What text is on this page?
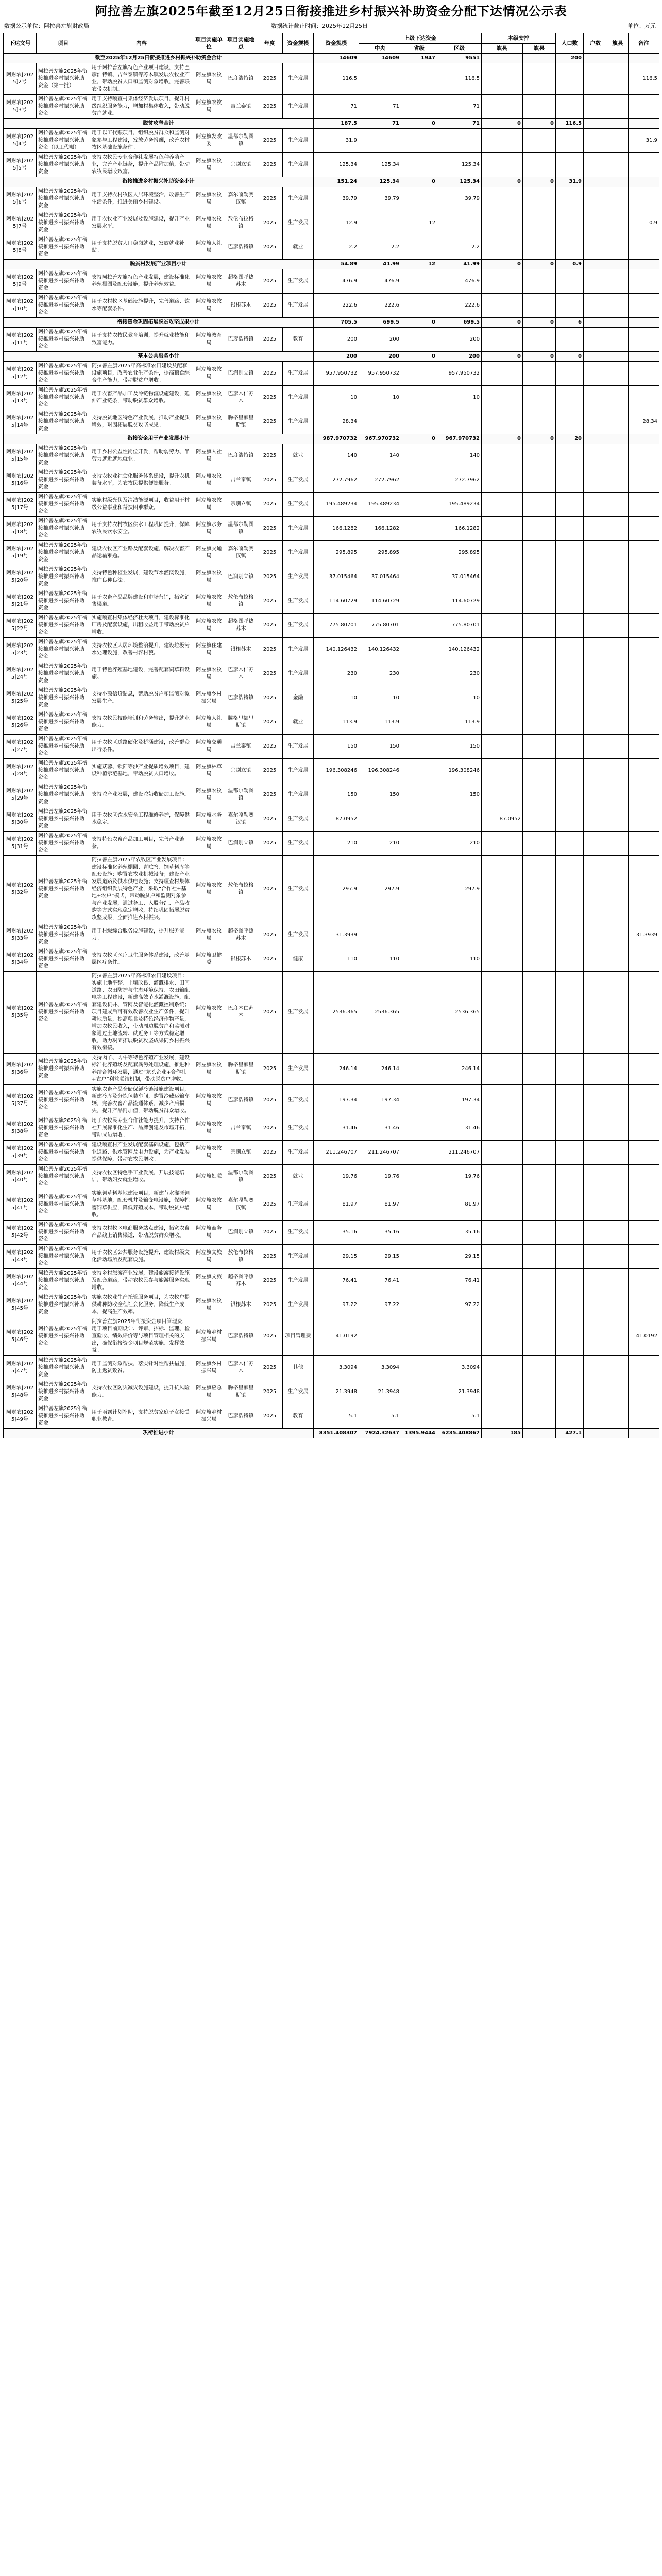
阿拉善左旗2025年截至12月25日衔接推进乡村振兴补助资金分配下达情况公示表
数据公示单位：阿拉善左旗财政局	数据统计截止时间：2025年12月25日	单位：万元
下达文号	项目	内容	项目实施单位	项目实施地点	年度	资金规模	资金规模	上级下达资金			本级安排		人口数	户数	旗县	备注
								中央	省级	区级	旗县	旗县				
截至2025年12月25日衔接推进乡村振兴补助资金合计							14609	14609	1947	9551			200			
阿财农[2025]2号	阿拉善左旗2025年衔接推进乡村振兴补助资金（第一批）	用于阿拉善左旗特色产业项目建设，支持巴彦浩特镇、吉兰泰镇等苏木镇发展农牧业产业，带动脱贫人口和监测对象增收，完善联农带农机制。	阿左旗农牧局	巴彦浩特镇	2025	生产发展	116.5			116.5						116.5
阿财农[2025]3号	阿拉善左旗2025年衔接推进乡村振兴补助资金	用于支持嘎查村集体经济发展项目，提升村级组织服务能力，增加村集体收入，带动脱贫户就业。	阿左旗农牧局	吉兰泰镇	2025	生产发展	71	71		71						
脱贫攻坚合计							187.5	71	0	71	0	0	116.5			
阿财农[2025]4号	阿拉善左旗2025年衔接推进乡村振兴补助资金（以工代赈）	用于以工代赈项目，组织脱贫群众和监测对象参与工程建设，发放劳务报酬，改善农村牧区基础设施条件。	阿左旗发改委	温都尔勒图镇	2025	生产发展	31.9									31.9
阿财农[2025]5号	阿拉善左旗2025年衔接推进乡村振兴补助资金	支持农牧民专业合作社发展特色种养殖产业，完善产业链条，提升产品附加值，带动农牧民增收致富。	阿左旗农牧局	宗别立镇	2025	生产发展	125.34	125.34		125.34						
衔接推进乡村振兴补助资金小计							151.24	125.34	0	125.34	0	0	31.9			
阿财农[2025]6号	阿拉善左旗2025年衔接推进乡村振兴补助资金	用于支持农村牧区人居环境整治，改善生产生活条件，推进美丽乡村建设。	阿左旗农牧局	嘉尔嘎勒赛汉镇	2025	生产发展	39.79	39.79		39.79						
阿财农[2025]7号	阿拉善左旗2025年衔接推进乡村振兴补助资金	用于农牧业产业发展及设施建设，提升产业发展水平。	阿左旗农牧局	敖伦布拉格镇	2025	生产发展	12.9		12							0.9
阿财农[2025]8号	阿拉善左旗2025年衔接推进乡村振兴补助资金	用于支持脱贫人口稳岗就业，发放就业补贴。	阿左旗人社局	巴彦浩特镇	2025	就业	2.2	2.2		2.2						
脱贫村发展产业项目小计							54.89	41.99	12	41.99	0	0	0.9			
阿财农[2025]9号	阿拉善左旗2025年衔接推进乡村振兴补助资金	支持阿拉善左旗特色产业发展，建设标准化养殖棚圈及配套设施，提升养殖效益。	阿左旗农牧局	超格图呼热苏木	2025	生产发展	476.9	476.9		476.9						
阿财农[2025]10号	阿拉善左旗2025年衔接推进乡村振兴补助资金	用于农村牧区基础设施提升，完善道路、饮水等配套条件。	阿左旗农牧局	银根苏木	2025	生产发展	222.6	222.6		222.6						
衔接资金巩固拓展脱贫攻坚成果小计							705.5	699.5	0	699.5	0	0	6			
阿财农[2025]11号	阿拉善左旗2025年衔接推进乡村振兴补助资金	用于支持农牧民教育培训，提升就业技能和致富能力。	阿左旗教育局	巴彦浩特镇	2025	教育	200	200		200						
基本公共服务小计							200	200	0	200	0	0	0			
阿财农[2025]12号	阿拉善左旗2025年衔接推进乡村振兴补助资金	阿拉善左旗2025年高标准农田建设及配套设施项目，改善农业生产条件，提高粮食综合生产能力，带动脱贫户增收。	阿左旗农牧局	巴润别立镇	2025	生产发展	957.950732	957.950732		957.950732						
阿财农[2025]13号	阿拉善左旗2025年衔接推进乡村振兴补助资金	用于农畜产品加工及冷链物流设施建设，延伸产业链条，带动脱贫群众增收。	阿左旗农牧局	巴彦木仁苏木	2025	生产发展	10	10		10						
阿财农[2025]14号	阿拉善左旗2025年衔接推进乡村振兴补助资金	支持脱贫地区特色产业发展，推动产业提质增效，巩固拓展脱贫攻坚成果。	阿左旗农牧局	腾格里额里斯镇	2025	生产发展	28.34									28.34
衔接资金用于产业发展小计							987.970732	967.970732	0	967.970732	0	0	20			
阿财农[2025]15号	阿拉善左旗2025年衔接推进乡村振兴补助资金	用于乡村公益性岗位开发，帮助弱劳力、半劳力就近就地就业。	阿左旗人社局	巴彦浩特镇	2025	就业	140	140		140						
阿财农[2025]16号	阿拉善左旗2025年衔接推进乡村振兴补助资金	支持农牧业社会化服务体系建设，提升农机装备水平，为农牧民提供便捷服务。	阿左旗农牧局	吉兰泰镇	2025	生产发展	272.7962	272.7962		272.7962						
阿财农[2025]17号	阿拉善左旗2025年衔接推进乡村振兴补助资金	实施村级光伏及清洁能源项目，收益用于村级公益事业和帮扶困难群众。	阿左旗农牧局	宗别立镇	2025	生产发展	195.489234	195.489234		195.489234						
阿财农[2025]18号	阿拉善左旗2025年衔接推进乡村振兴补助资金	用于支持农村牧区供水工程巩固提升，保障农牧民饮水安全。	阿左旗水务局	温都尔勒图镇	2025	生产发展	166.1282	166.1282		166.1282						
阿财农[2025]19号	阿拉善左旗2025年衔接推进乡村振兴补助资金	建设农牧区产业路及配套设施，解决农畜产品运输难题。	阿左旗交通局	嘉尔嘎勒赛汉镇	2025	生产发展	295.895	295.895		295.895						
阿财农[2025]20号	阿拉善左旗2025年衔接推进乡村振兴补助资金	支持特色种植业发展，建设节水灌溉设施，推广良种良法。	阿左旗农牧局	巴润别立镇	2025	生产发展	37.015464	37.015464		37.015464						
阿财农[2025]21号	阿拉善左旗2025年衔接推进乡村振兴补助资金	用于农畜产品品牌建设和市场营销，拓宽销售渠道。	阿左旗农牧局	敖伦布拉格镇	2025	生产发展	114.60729	114.60729		114.60729						
阿财农[2025]22号	阿拉善左旗2025年衔接推进乡村振兴补助资金	实施嘎查村集体经济壮大项目，建设标准化厂房及配套设施，出租收益用于带动脱贫户增收。	阿左旗农牧局	超格图呼热苏木	2025	生产发展	775.80701	775.80701		775.80701						
阿财农[2025]23号	阿拉善左旗2025年衔接推进乡村振兴补助资金	支持农牧区人居环境整治提升，建设垃圾污水处理设施，改善村容村貌。	阿左旗住建局	银根苏木	2025	生产发展	140.126432	140.126432		140.126432						
阿财农[2025]24号	阿拉善左旗2025年衔接推进乡村振兴补助资金	用于特色养殖基地建设，完善配套饲草料设施。	阿左旗农牧局	巴彦木仁苏木	2025	生产发展	230	230		230						
阿财农[2025]25号	阿拉善左旗2025年衔接推进乡村振兴补助资金	支持小额信贷贴息，帮助脱贫户和监测对象发展生产。	阿左旗乡村振兴局	巴彦浩特镇	2025	金融	10	10		10						
阿财农[2025]26号	阿拉善左旗2025年衔接推进乡村振兴补助资金	支持农牧民技能培训和劳务输出，提升就业能力。	阿左旗人社局	腾格里额里斯镇	2025	就业	113.9	113.9		113.9						
阿财农[2025]27号	阿拉善左旗2025年衔接推进乡村振兴补助资金	用于农牧区道路硬化及桥涵建设，改善群众出行条件。	阿左旗交通局	吉兰泰镇	2025	生产发展	150	150		150						
阿财农[2025]28号	阿拉善左旗2025年衔接推进乡村振兴补助资金	实施苁蓉、锁阳等沙产业提质增效项目，建设种植示范基地，带动脱贫人口增收。	阿左旗林草局	宗别立镇	2025	生产发展	196.308246	196.308246		196.308246						
阿财农[2025]29号	阿拉善左旗2025年衔接推进乡村振兴补助资金	支持驼产业发展，建设驼奶收储加工设施。	阿左旗农牧局	温都尔勒图镇	2025	生产发展	150	150		150						
阿财农[2025]30号	阿拉善左旗2025年衔接推进乡村振兴补助资金	用于农牧区饮水安全工程维修养护，保障供水稳定。	阿左旗水务局	嘉尔嘎勒赛汉镇	2025	生产发展	87.0952				87.0952					
阿财农[2025]31号	阿拉善左旗2025年衔接推进乡村振兴补助资金	支持特色农畜产品加工项目，完善产业链条。	阿左旗农牧局	巴润别立镇	2025	生产发展	210	210		210						
阿财农[2025]32号	阿拉善左旗2025年衔接推进乡村振兴补助资金	阿拉善左旗2025年农牧区产业发展项目：建设标准化养殖棚圈、青贮窖、饲草料库等配套设施；购置农牧业机械设备；建设产业发展道路及供水供电设施；支持嘎查村集体经济组织发展特色产业，采取“合作社+基地+农户”模式，带动脱贫户和监测对象参与产业发展，通过务工、入股分红、产品收购等方式实现稳定增收，持续巩固拓展脱贫攻坚成果，全面推进乡村振兴。	阿左旗农牧局	敖伦布拉格镇	2025	生产发展	297.9	297.9		297.9						
阿财农[2025]33号	阿拉善左旗2025年衔接推进乡村振兴补助资金	用于村级综合服务设施建设，提升服务能力。	阿左旗农牧局	超格图呼热苏木	2025	生产发展	31.3939									31.3939
阿财农[2025]34号	阿拉善左旗2025年衔接推进乡村振兴补助资金	支持农牧区医疗卫生服务体系建设，改善基层医疗条件。	阿左旗卫健委	银根苏木	2025	健康	110	110		110						
阿财农[2025]35号	阿拉善左旗2025年衔接推进乡村振兴补助资金	阿拉善左旗2025年高标准农田建设项目：实施土地平整、土壤改良、灌溉排水、田间道路、农田防护与生态环境保持、农田输配电等工程建设，新建高效节水灌溉设施，配套建设机井、管网及智能化灌溉控制系统；项目建成后可有效改善农业生产条件，提升耕地质量，提高粮食及特色经济作物产量，增加农牧民收入，带动周边脱贫户和监测对象通过土地流转、就近务工等方式稳定增收，助力巩固拓展脱贫攻坚成果同乡村振兴有效衔接。	阿左旗农牧局	巴彦木仁苏木	2025	生产发展	2536.365	2536.365		2536.365						
阿财农[2025]36号	阿拉善左旗2025年衔接推进乡村振兴补助资金	支持肉羊、肉牛等特色养殖产业发展，建设标准化养殖场及配套粪污处理设施，推进种养结合循环发展，通过“龙头企业+合作社+农户”利益联结机制，带动脱贫户增收。	阿左旗农牧局	腾格里额里斯镇	2025	生产发展	246.14	246.14		246.14						
阿财农[2025]37号	阿拉善左旗2025年衔接推进乡村振兴补助资金	实施农畜产品仓储保鲜冷链设施建设项目，新建冷库及分拣包装车间，购置冷藏运输车辆，完善农畜产品流通体系，减少产后损失，提升产品附加值，带动脱贫群众增收。	阿左旗农牧局	巴彦浩特镇	2025	生产发展	197.34	197.34		197.34						
阿财农[2025]38号	阿拉善左旗2025年衔接推进乡村振兴补助资金	用于农牧民专业合作社能力提升，支持合作社开展标准化生产、品牌创建及市场开拓，带动成员增收。	阿左旗农牧局	吉兰泰镇	2025	生产发展	31.46	31.46		31.46						
阿财农[2025]39号	阿拉善左旗2025年衔接推进乡村振兴补助资金	建设嘎查村产业发展配套基础设施，包括产业道路、供水管网及电力设施，为产业发展提供保障，带动农牧民增收。	阿左旗农牧局	宗别立镇	2025	生产发展	211.246707	211.246707		211.246707						
阿财农[2025]40号	阿拉善左旗2025年衔接推进乡村振兴补助资金	支持农牧区特色手工业发展，开展技能培训，带动妇女就业增收。	阿左旗妇联	温都尔勒图镇	2025	就业	19.76	19.76		19.76						
阿财农[2025]41号	阿拉善左旗2025年衔接推进乡村振兴补助资金	实施饲草料基地建设项目，新建节水灌溉饲草料基地，配套机井及输变电设施，保障牲畜饲草供应，降低养殖成本，带动脱贫户增收。	阿左旗农牧局	嘉尔嘎勒赛汉镇	2025	生产发展	81.97	81.97		81.97						
阿财农[2025]42号	阿拉善左旗2025年衔接推进乡村振兴补助资金	支持农村牧区电商服务站点建设，拓宽农畜产品线上销售渠道，带动脱贫群众增收。	阿左旗商务局	巴润别立镇	2025	生产发展	35.16	35.16		35.16						
阿财农[2025]43号	阿拉善左旗2025年衔接推进乡村振兴补助资金	用于农牧区公共服务设施提升，建设村级文化活动场所及配套设施。	阿左旗文旅局	敖伦布拉格镇	2025	生产发展	29.15	29.15		29.15						
阿财农[2025]44号	阿拉善左旗2025年衔接推进乡村振兴补助资金	支持乡村旅游产业发展，建设旅游接待设施及配套道路，带动农牧民参与旅游服务实现增收。	阿左旗文旅局	超格图呼热苏木	2025	生产发展	76.41	76.41		76.41						
阿财农[2025]45号	阿拉善左旗2025年衔接推进乡村振兴补助资金	实施农牧业生产托管服务项目，为农牧户提供耕种防收全程社会化服务，降低生产成本，提高生产效率。	阿左旗农牧局	银根苏木	2025	生产发展	97.22	97.22		97.22						
阿财农[2025]46号	阿拉善左旗2025年衔接推进乡村振兴补助资金	阿拉善左旗2025年衔接资金项目管理费，用于项目前期设计、评审、招标、监理、检查验收、绩效评价等与项目管理相关的支出，确保衔接资金项目规范实施、发挥效益。	阿左旗乡村振兴局	巴彦浩特镇	2025	项目管理费	41.0192									41.0192
阿财农[2025]47号	阿拉善左旗2025年衔接推进乡村振兴补助资金	用于监测对象帮扶，落实针对性帮扶措施，防止返贫致贫。	阿左旗乡村振兴局	巴彦木仁苏木	2025	其他	3.3094	3.3094		3.3094						
阿财农[2025]48号	阿拉善左旗2025年衔接推进乡村振兴补助资金	支持农牧区防灾减灾设施建设，提升抗风险能力。	阿左旗应急局	腾格里额里斯镇	2025	生产发展	21.3948	21.3948		21.3948						
阿财农[2025]49号	阿拉善左旗2025年衔接推进乡村振兴补助资金	用于雨露计划补助，支持脱贫家庭子女接受职业教育。	阿左旗乡村振兴局	巴彦浩特镇	2025	教育	5.1	5.1		5.1						
巩衔推进小计							8351.408307	7924.32637	1395.9444	6235.408867	185		427.1			
